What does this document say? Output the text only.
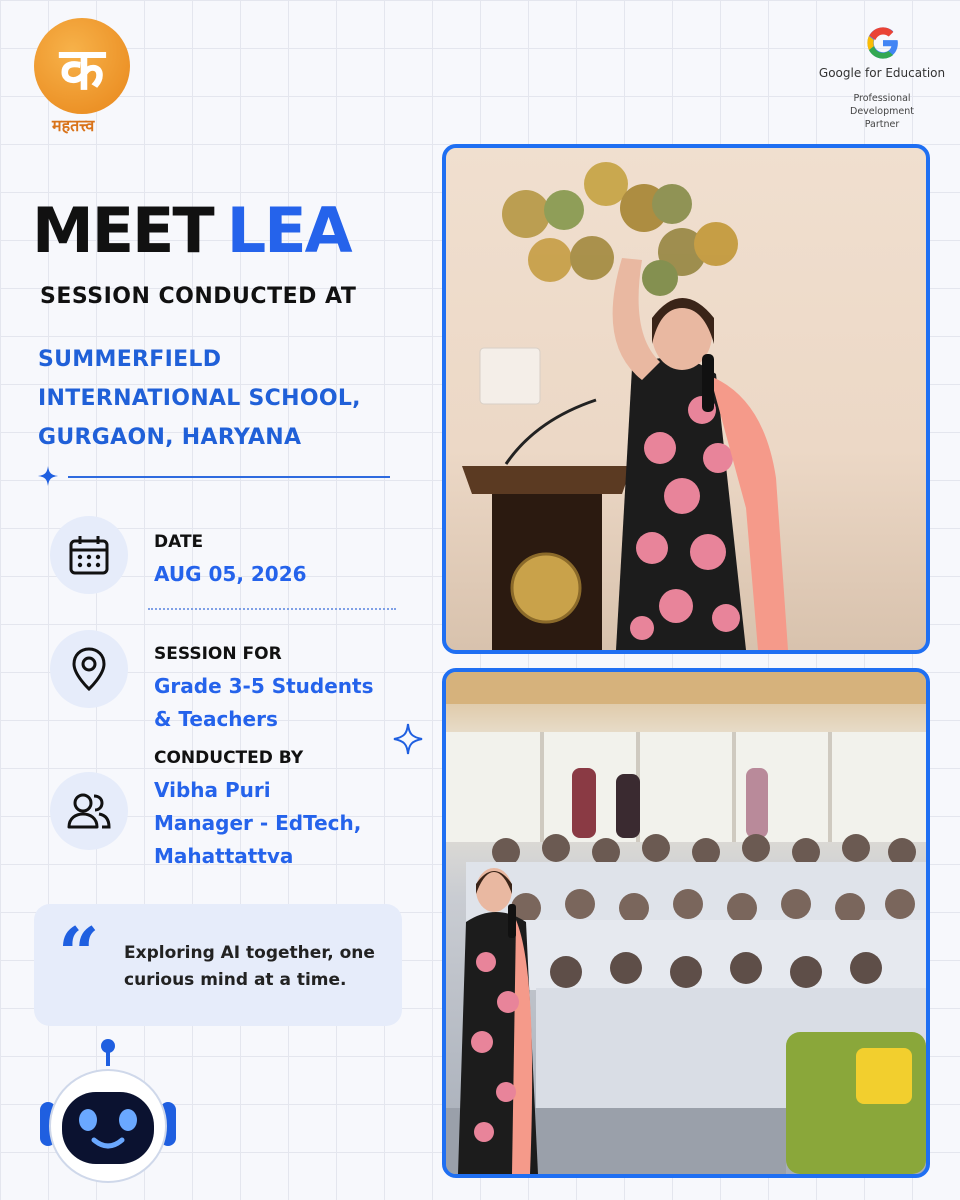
क
महतत्त्व
Google for Education
Professional
Development
Partner
MEET LEA
SESSION CONDUCTED AT
SUMMERFIELD
INTERNATIONAL SCHOOL,
GURGAON, HARYANA
DATE
AUG 05, 2026
SESSION FOR
Grade 3-5 Students
& Teachers
CONDUCTED BY
Vibha Puri
Manager - EdTech,
Mahattattva
“ Exploring AI together, one curious mind at a time.
